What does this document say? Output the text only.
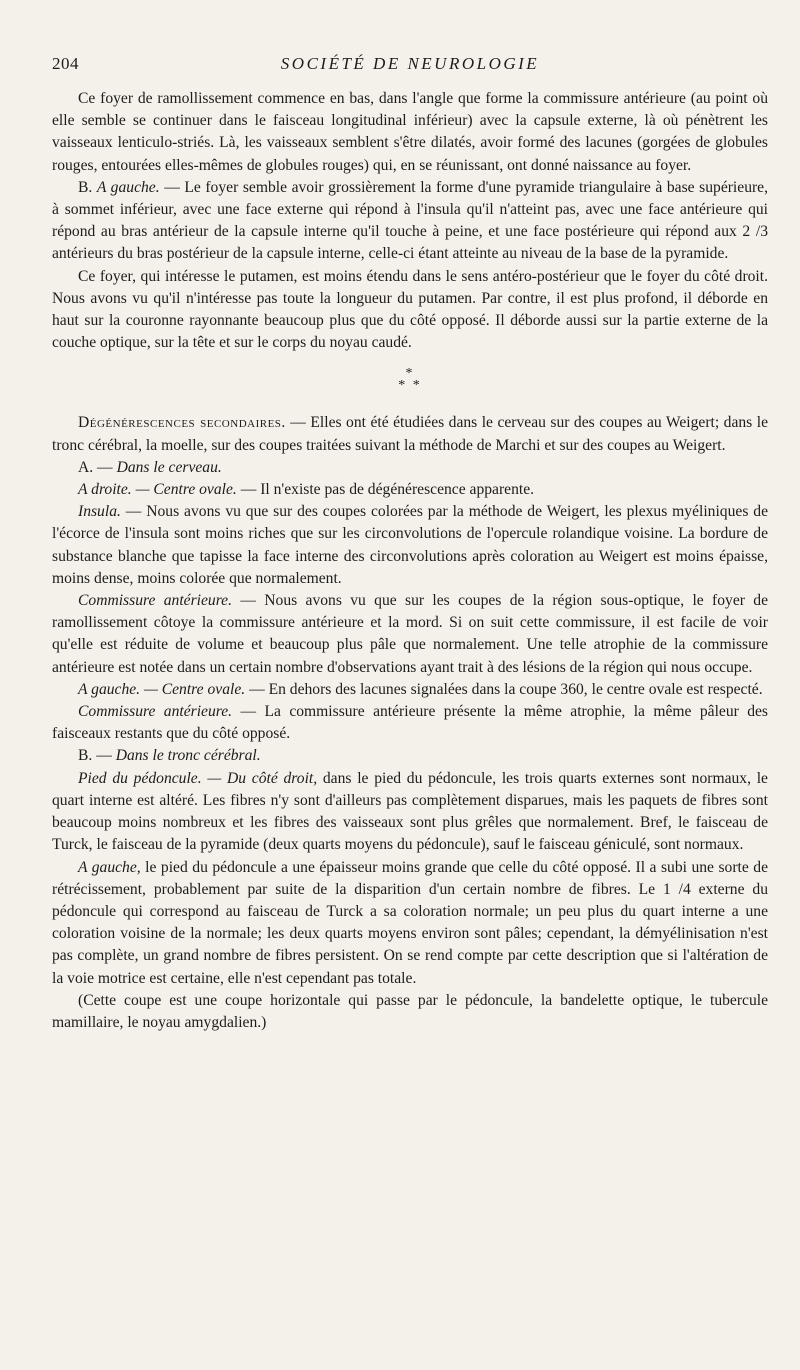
204	SOCIÉTÉ DE NEUROLOGIE

Ce foyer de ramollissement commence en bas, dans l'angle que forme la commissure antérieure (au point où elle semble se continuer dans le faisceau longitudinal inférieur) avec la capsule externe, là où pénètrent les vaisseaux lenticulo-striés. Là, les vaisseaux semblent s'être dilatés, avoir formé des lacunes (gorgées de globules rouges, entourées elles-mêmes de globules rouges) qui, en se réunissant, ont donné naissance au foyer.

B. A gauche. — Le foyer semble avoir grossièrement la forme d'une pyramide triangulaire à base supérieure, à sommet inférieur, avec une face externe qui répond à l'insula qu'il n'atteint pas, avec une face antérieure qui répond au bras antérieur de la capsule interne qu'il touche à peine, et une face postérieure qui répond aux 2 /3 antérieurs du bras postérieur de la capsule interne, celle-ci étant atteinte au niveau de la base de la pyramide.

Ce foyer, qui intéresse le putamen, est moins étendu dans le sens antéro-postérieur que le foyer du côté droit. Nous avons vu qu'il n'intéresse pas toute la longueur du putamen. Par contre, il est plus profond, il déborde en haut sur la couronne rayonnante beaucoup plus que du côté opposé. Il déborde aussi sur la partie externe de la couche optique, sur la tête et sur le corps du noyau caudé.

*
* *

Dégénérescences secondaires. — Elles ont été étudiées dans le cerveau sur des coupes au Weigert; dans le tronc cérébral, la moelle, sur des coupes traitées suivant la méthode de Marchi et sur des coupes au Weigert.

A. — Dans le cerveau.

A droite. — Centre ovale. — Il n'existe pas de dégénérescence apparente.

Insula. — Nous avons vu que sur des coupes colorées par la méthode de Weigert, les plexus myéliniques de l'écorce de l'insula sont moins riches que sur les circonvolutions de l'opercule rolandique voisine. La bordure de substance blanche que tapisse la face interne des circonvolutions après coloration au Weigert est moins épaisse, moins dense, moins colorée que normalement.

Commissure antérieure. — Nous avons vu que sur les coupes de la région sous-optique, le foyer de ramollissement côtoye la commissure antérieure et la mord. Si on suit cette commissure, il est facile de voir qu'elle est réduite de volume et beaucoup plus pâle que normalement. Une telle atrophie de la commissure antérieure est notée dans un certain nombre d'observations ayant trait à des lésions de la région qui nous occupe.

A gauche. — Centre ovale. — En dehors des lacunes signalées dans la coupe 360, le centre ovale est respecté.

Commissure antérieure. — La commissure antérieure présente la même atrophie, la même pâleur des faisceaux restants que du côté opposé.

B. — Dans le tronc cérébral.

Pied du pédoncule. — Du côté droit, dans le pied du pédoncule, les trois quarts externes sont normaux, le quart interne est altéré. Les fibres n'y sont d'ailleurs pas complètement disparues, mais les paquets de fibres sont beaucoup moins nombreux et les fibres des vaisseaux sont plus grêles que normalement. Bref, le faisceau de Turck, le faisceau de la pyramide (deux quarts moyens du pédoncule), sauf le faisceau géniculé, sont normaux.

A gauche, le pied du pédoncule a une épaisseur moins grande que celle du côté opposé. Il a subi une sorte de rétrécissement, probablement par suite de la disparition d'un certain nombre de fibres. Le 1 /4 externe du pédoncule qui correspond au faisceau de Turck a sa coloration normale; un peu plus du quart interne a une coloration voisine de la normale; les deux quarts moyens environ sont pâles; cependant, la démyélinisation n'est pas complète, un grand nombre de fibres persistent. On se rend compte par cette description que si l'altération de la voie motrice est certaine, elle n'est cependant pas totale.

(Cette coupe est une coupe horizontale qui passe par le pédoncule, la bandelette optique, le tubercule mamillaire, le noyau amygdalien.)
